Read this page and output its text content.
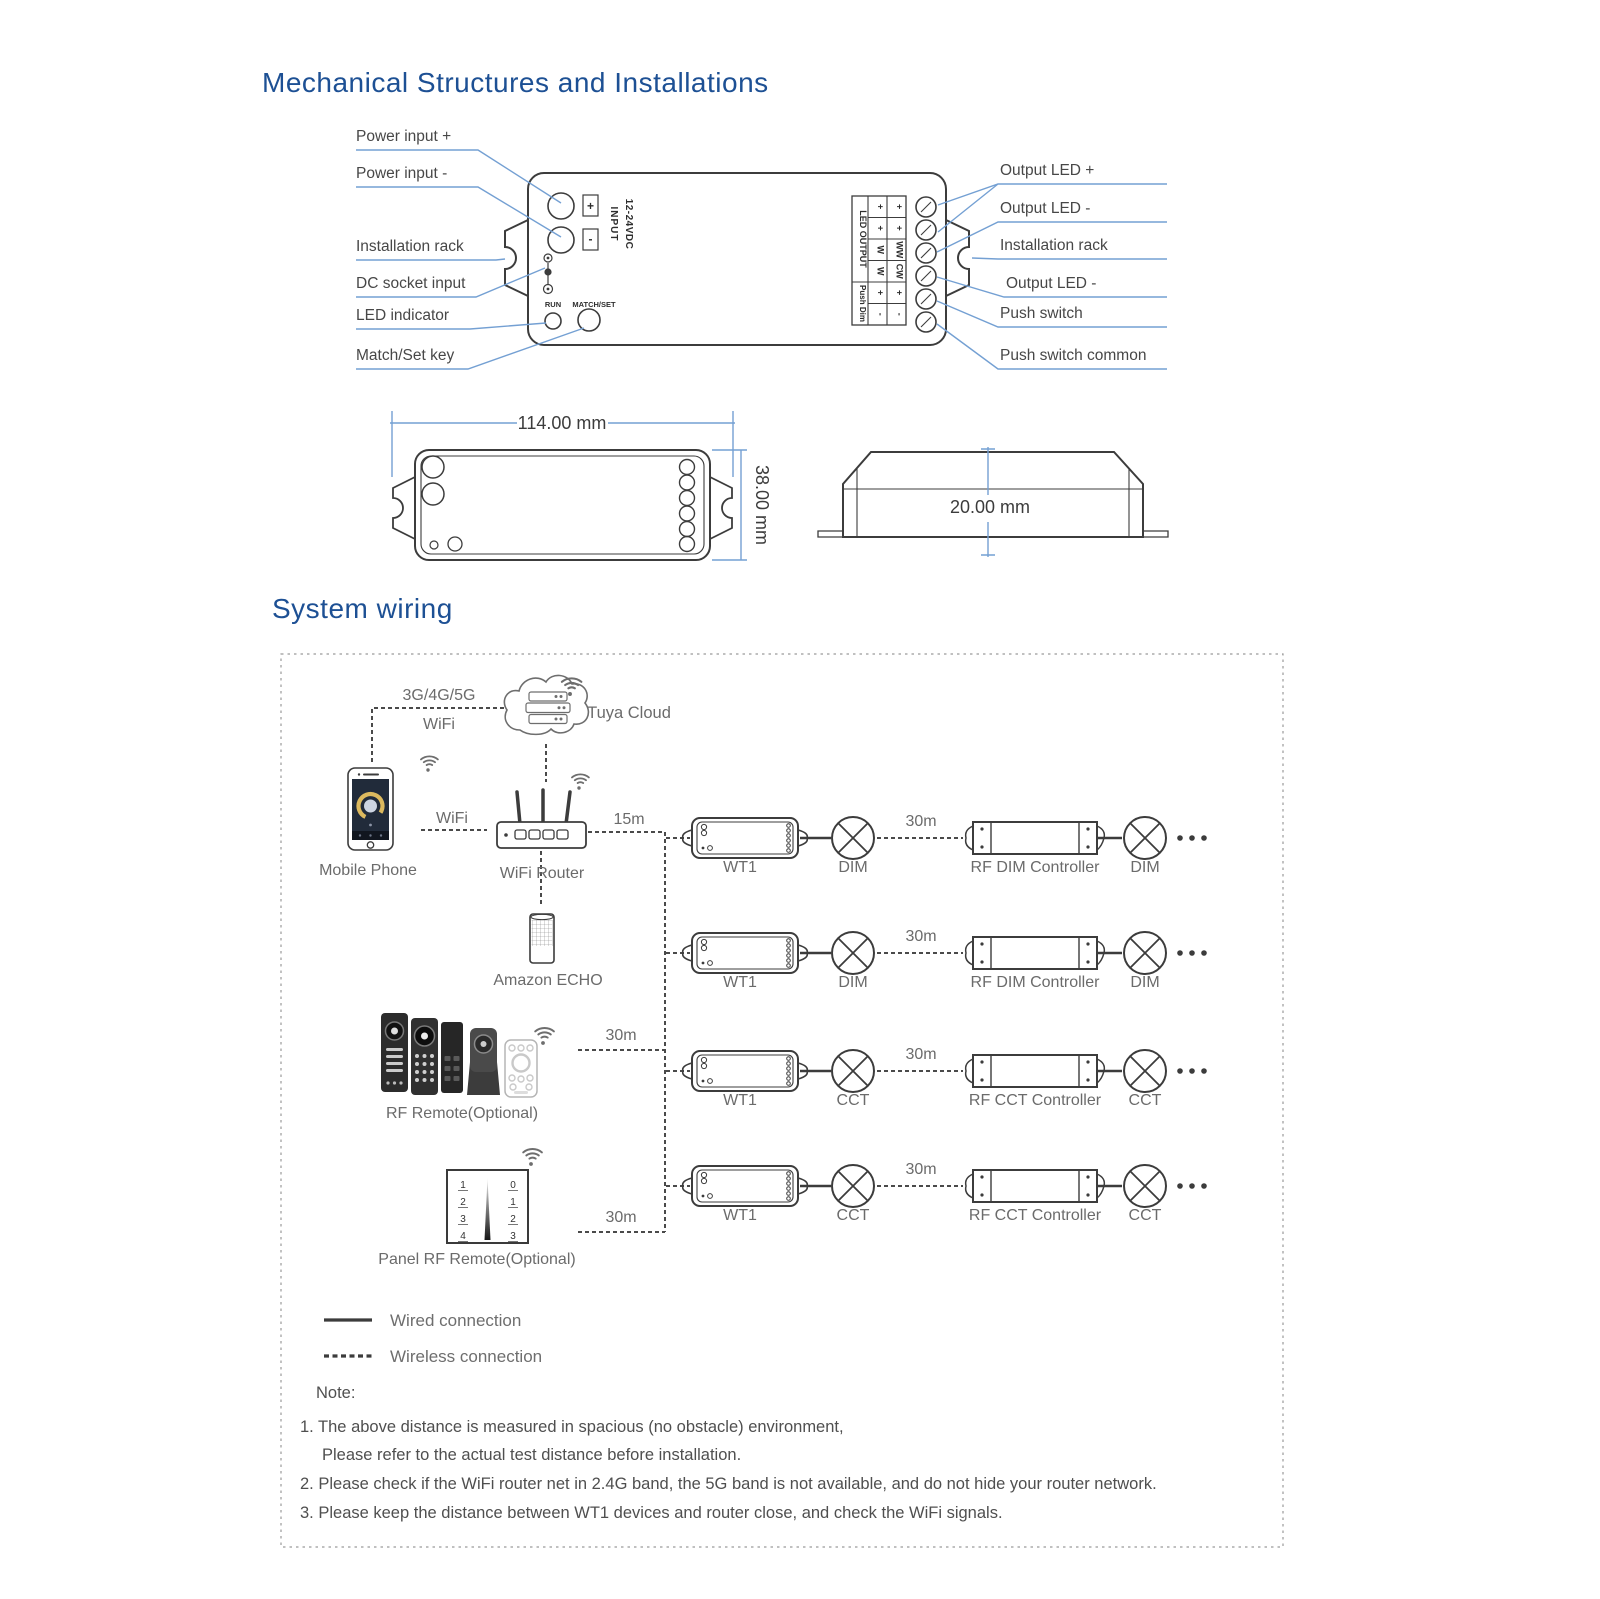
Mechanical Structures and Installations
+
- INPUT 12-24VDC
RUN MATCH/SET
LED OUTPUT
Push Dim
+ +
+ +
W WW
W CW
+ +
- -
Power input +
Power input -
Installation rack
DC socket input
LED indicator
Match/Set key
Output LED +
Output LED -
Installation rack
Output LED -
Push switch
Push switch common
114.00 mm
38.00 mm	20.00 mm
System wiring
3G/4G/5G
WiFi
WiFi	15m
30m
30m
Tuya Cloud
Mobile Phone	WiFi Router
Amazon ECHO
RF Remote(Optional)
1
2
3
4
0
1
2
3
Panel RF Remote(Optional)
WT1	DIM
30m
RF DIM Controller DIM
WT1	DIM
30m
RF DIM Controller DIM
WT1	CCT
30m
RF CCT Controller CCT
WT1	CCT
30m
RF CCT Controller CCT
Wired connection
Wireless connection
Note:
1. The above distance is measured in spacious (no obstacle) environment,
Please refer to the actual test distance before installation.
2. Please check if the WiFi router net in 2.4G band, the 5G band is not available, and do not hide your router network.
3. Please keep the distance between WT1 devices and router close, and check the WiFi signals.
